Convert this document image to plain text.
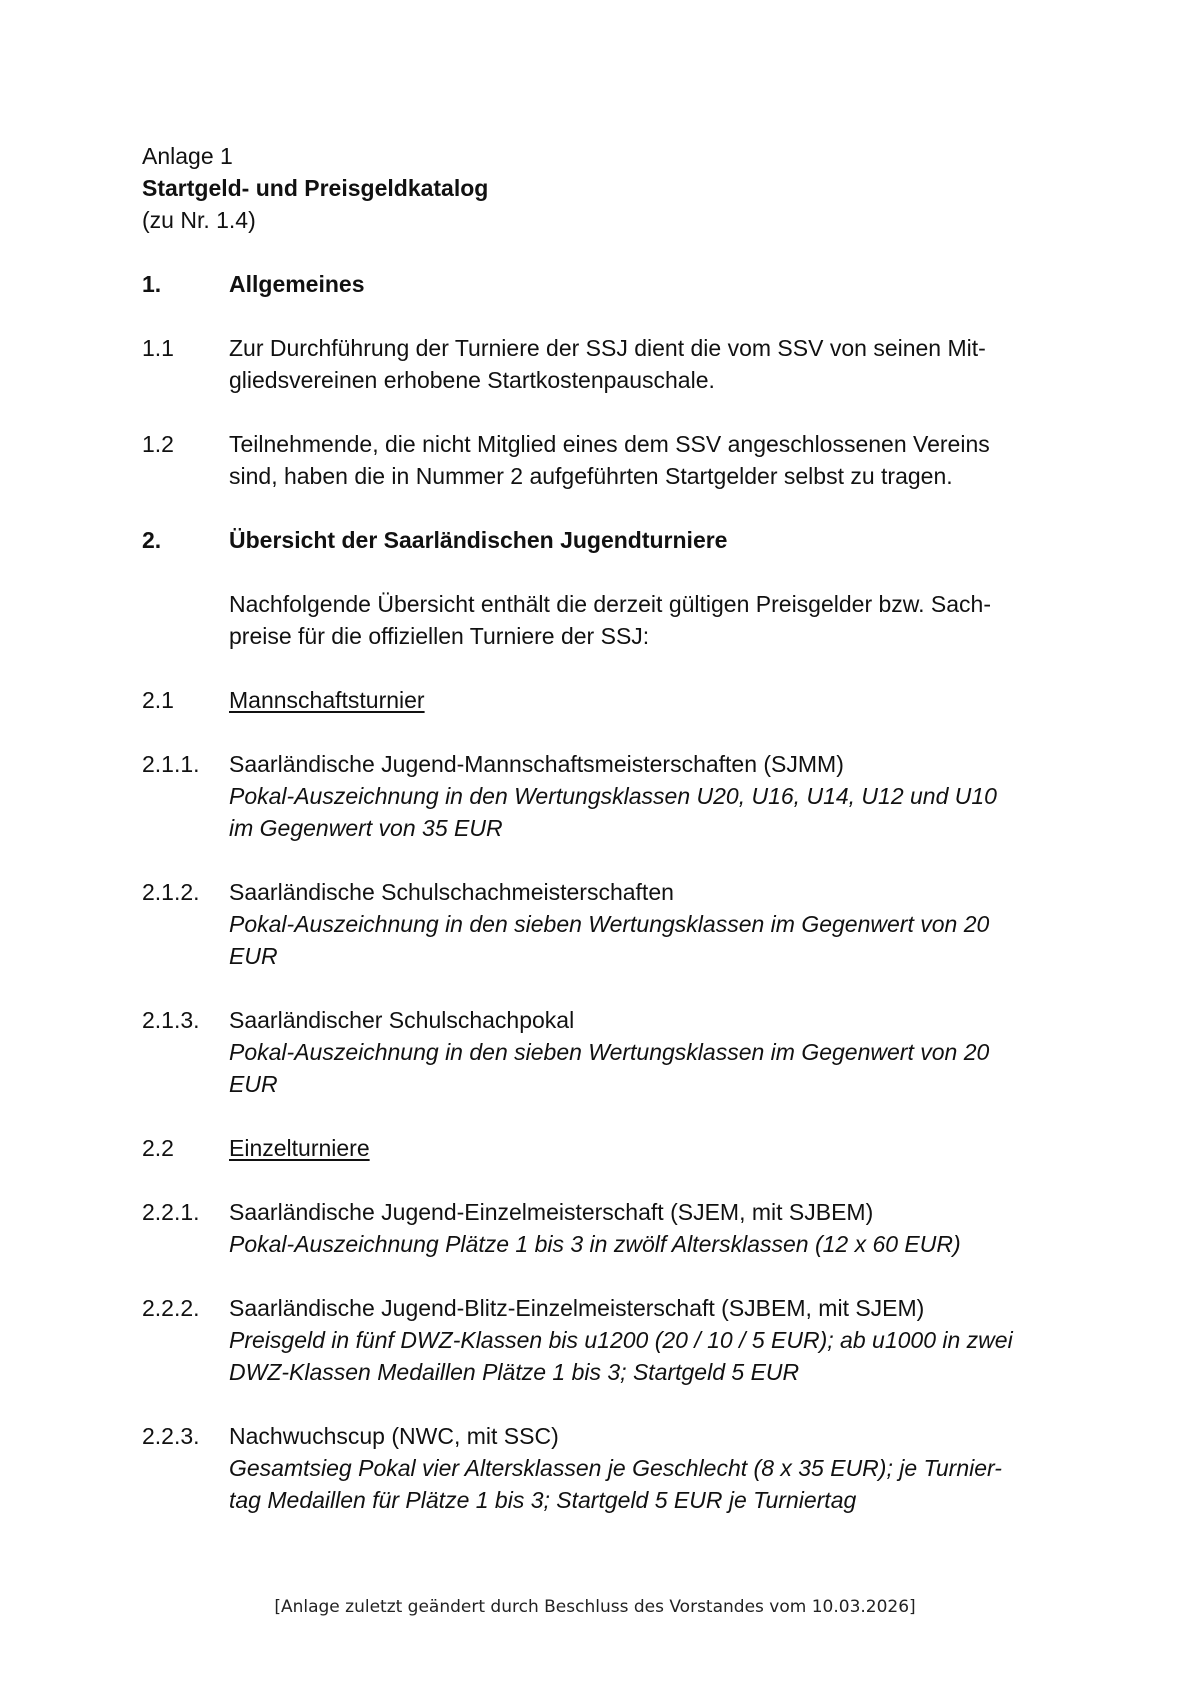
Anlage 1
Startgeld- und Preisgeldkatalog
(zu Nr. 1.4)
1.	Allgemeines
1.1 Zur Durchführung der Turniere der SSJ dient die vom SSV von seinen Mit-
gliedsvereinen erhobene Startkostenpauschale.
1.2 Teilnehmende, die nicht Mitglied eines dem SSV angeschlossenen Vereins
sind, haben die in Nummer 2 aufgeführten Startgelder selbst zu tragen.
2.	Übersicht der Saarländischen Jugendturniere
Nachfolgende Übersicht enthält die derzeit gültigen Preisgelder bzw. Sach-
preise für die offiziellen Turniere der SSJ:
2.1 Mannschaftsturnier
2.1.1. Saarländische Jugend-Mannschaftsmeisterschaften (SJMM)
Pokal-Auszeichnung in den Wertungsklassen U20, U16, U14, U12 und U10
im Gegenwert von 35 EUR
2.1.2. Saarländische Schulschachmeisterschaften
Pokal-Auszeichnung in den sieben Wertungsklassen im Gegenwert von 20
EUR
2.1.3. Saarländischer Schulschachpokal
Pokal-Auszeichnung in den sieben Wertungsklassen im Gegenwert von 20
EUR
2.2 Einzelturniere
2.2.1. Saarländische Jugend-Einzelmeisterschaft (SJEM, mit SJBEM)
Pokal-Auszeichnung Plätze 1 bis 3 in zwölf Altersklassen (12 x 60 EUR)
2.2.2. Saarländische Jugend-Blitz-Einzelmeisterschaft (SJBEM, mit SJEM)
Preisgeld in fünf DWZ-Klassen bis u1200 (20 / 10 / 5 EUR); ab u1000 in zwei
DWZ-Klassen Medaillen Plätze 1 bis 3; Startgeld 5 EUR
2.2.3. Nachwuchscup (NWC, mit SSC)
Gesamtsieg Pokal vier Altersklassen je Geschlecht (8 x 35 EUR); je Turnier-
tag Medaillen für Plätze 1 bis 3; Startgeld 5 EUR je Turniertag
[Anlage zuletzt geändert durch Beschluss des Vorstandes vom 10.03.2026]
